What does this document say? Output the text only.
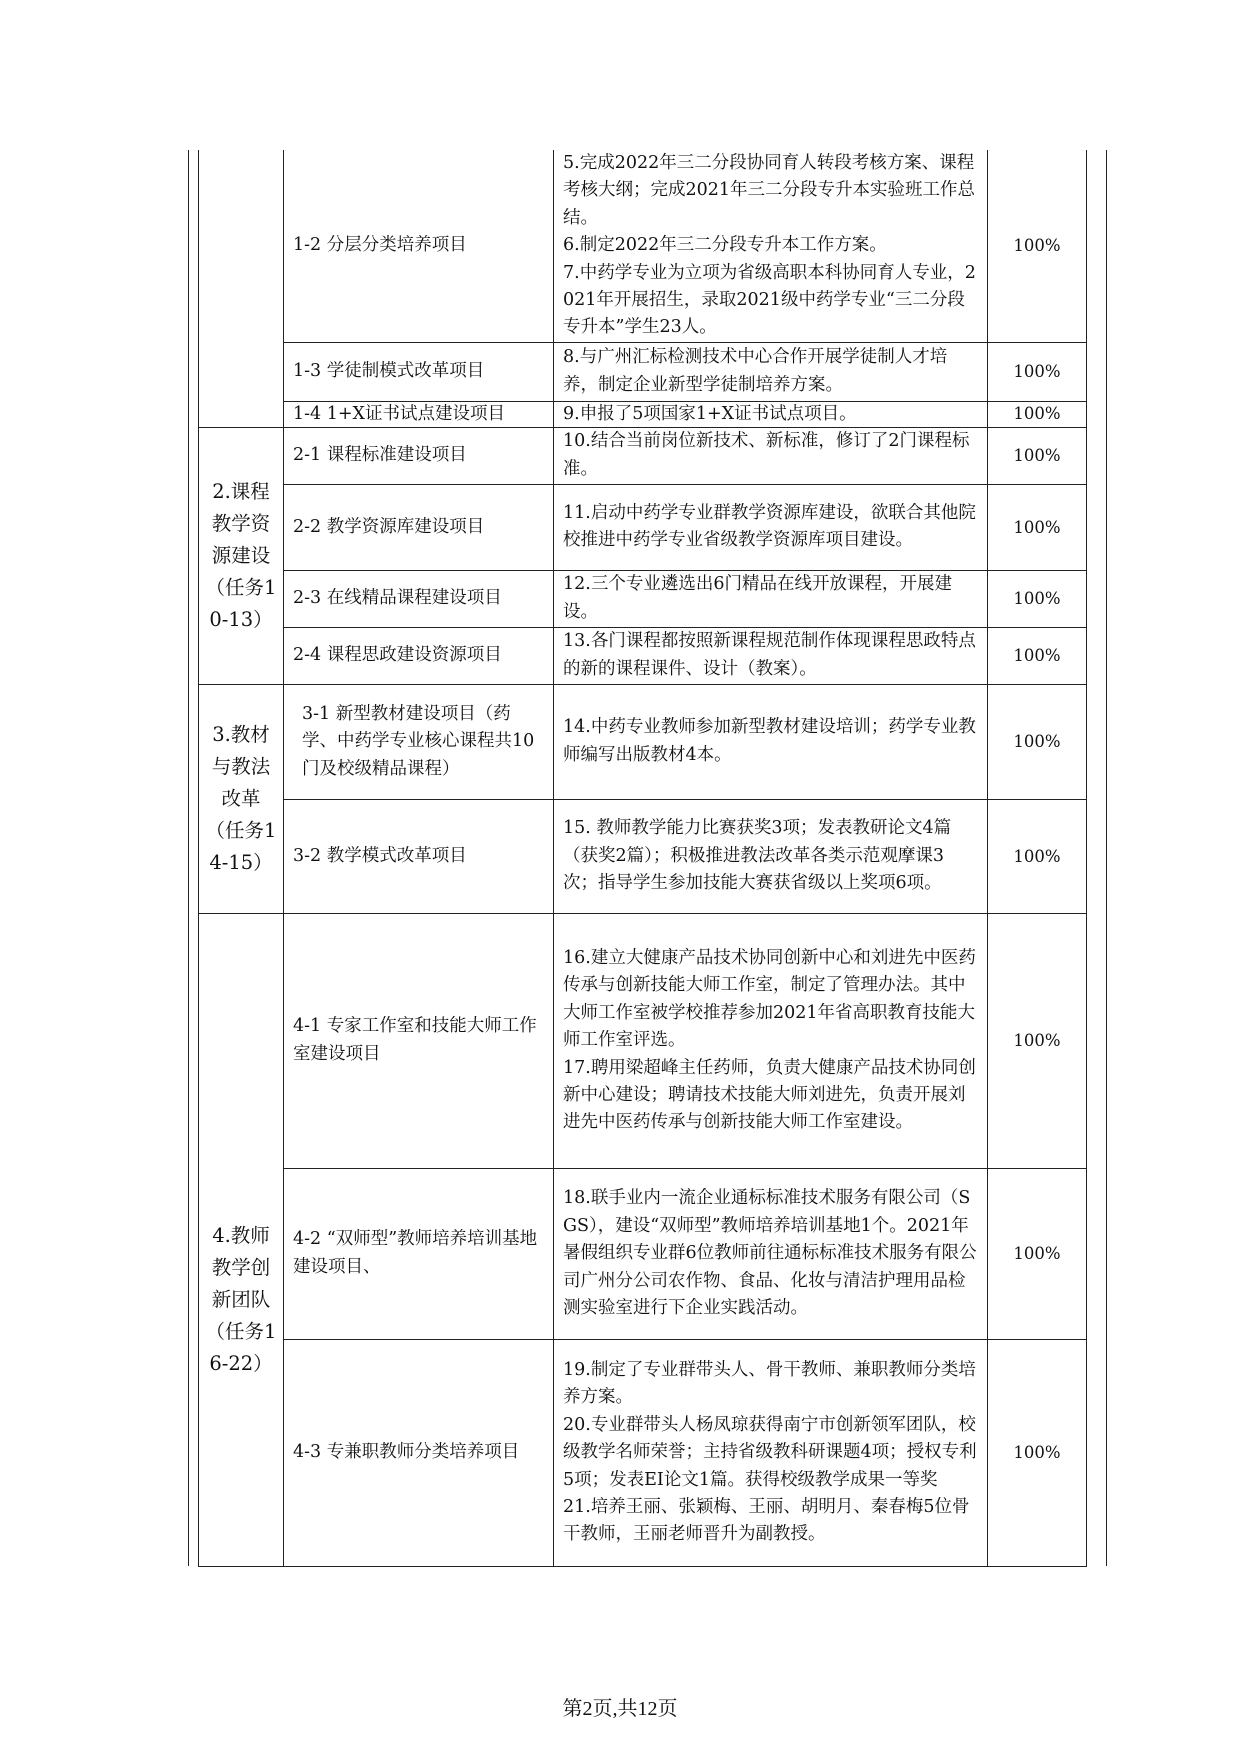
		1-2 分层分类培养项目	5.完成2022年三二分段协同育人转段考核方案、课程考核大纲；完成2021年三二分段专升本实验班工作总结。
6.制定2022年三二分段专升本工作方案。
7.中药学专业为立项为省级高职本科协同育人专业，2021年开展招生，录取2021级中药学专业“三二分段专升本”学生23人。	100%	
		1-3 学徒制模式改革项目	8.与广州汇标检测技术中心合作开展学徒制人才培养，制定企业新型学徒制培养方案。	100%	
		1-4 1+X证书试点建设项目	9.申报了5项国家1+X证书试点项目。	100%	
	2.课程教学资源建设（任务10-13）	2-1 课程标准建设项目	10.结合当前岗位新技术、新标准，修订了2门课程标准。	100%	
		2-2 教学资源库建设项目	11.启动中药学专业群教学资源库建设，欲联合其他院校推进中药学专业省级教学资源库项目建设。	100%	
		2-3 在线精品课程建设项目	12.三个专业遴选出6门精品在线开放课程，开展建设。	100%	
		2-4 课程思政建设资源项目	13.各门课程都按照新课程规范制作体现课程思政特点的新的课程课件、设计（教案）。	100%	
	3.教材与教法改革（任务14-15）	3-1 新型教材建设项目（药学、中药学专业核心课程共10门及校级精品课程）	14.中药专业教师参加新型教材建设培训；药学专业教师编写出版教材4本。	100%	
		3-2 教学模式改革项目	15. 教师教学能力比赛获奖3项；发表教研论文4篇（获奖2篇）；积极推进教法改革各类示范观摩课3次；指导学生参加技能大赛获省级以上奖项6项。	100%	
	4.教师教学创新团队（任务16-22）	4-1 专家工作室和技能大师工作室建设项目	16.建立大健康产品技术协同创新中心和刘进先中医药传承与创新技能大师工作室，制定了管理办法。其中大师工作室被学校推荐参加2021年省高职教育技能大师工作室评选。
17.聘用梁超峰主任药师，负责大健康产品技术协同创新中心建设；聘请技术技能大师刘进先，负责开展刘进先中医药传承与创新技能大师工作室建设。	100%	
		4-2 “双师型”教师培养培训基地建设项目、	18.联手业内一流企业通标标准技术服务有限公司（SGS），建设“双师型”教师培养培训基地1个。2021年暑假组织专业群6位教师前往通标标准技术服务有限公司广州分公司农作物、食品、化妆与清洁护理用品检测实验室进行下企业实践活动。	100%	
		4-3 专兼职教师分类培养项目	19.制定了专业群带头人、骨干教师、兼职教师分类培养方案。
20.专业群带头人杨凤琼获得南宁市创新领军团队，校级教学名师荣誉；主持省级教科研课题4项；授权专利5项；发表EI论文1篇。获得校级教学成果一等奖
21.培养王丽、张颖梅、王丽、胡明月、秦春梅5位骨干教师，王丽老师晋升为副教授。	100%	
第2页,共12页
